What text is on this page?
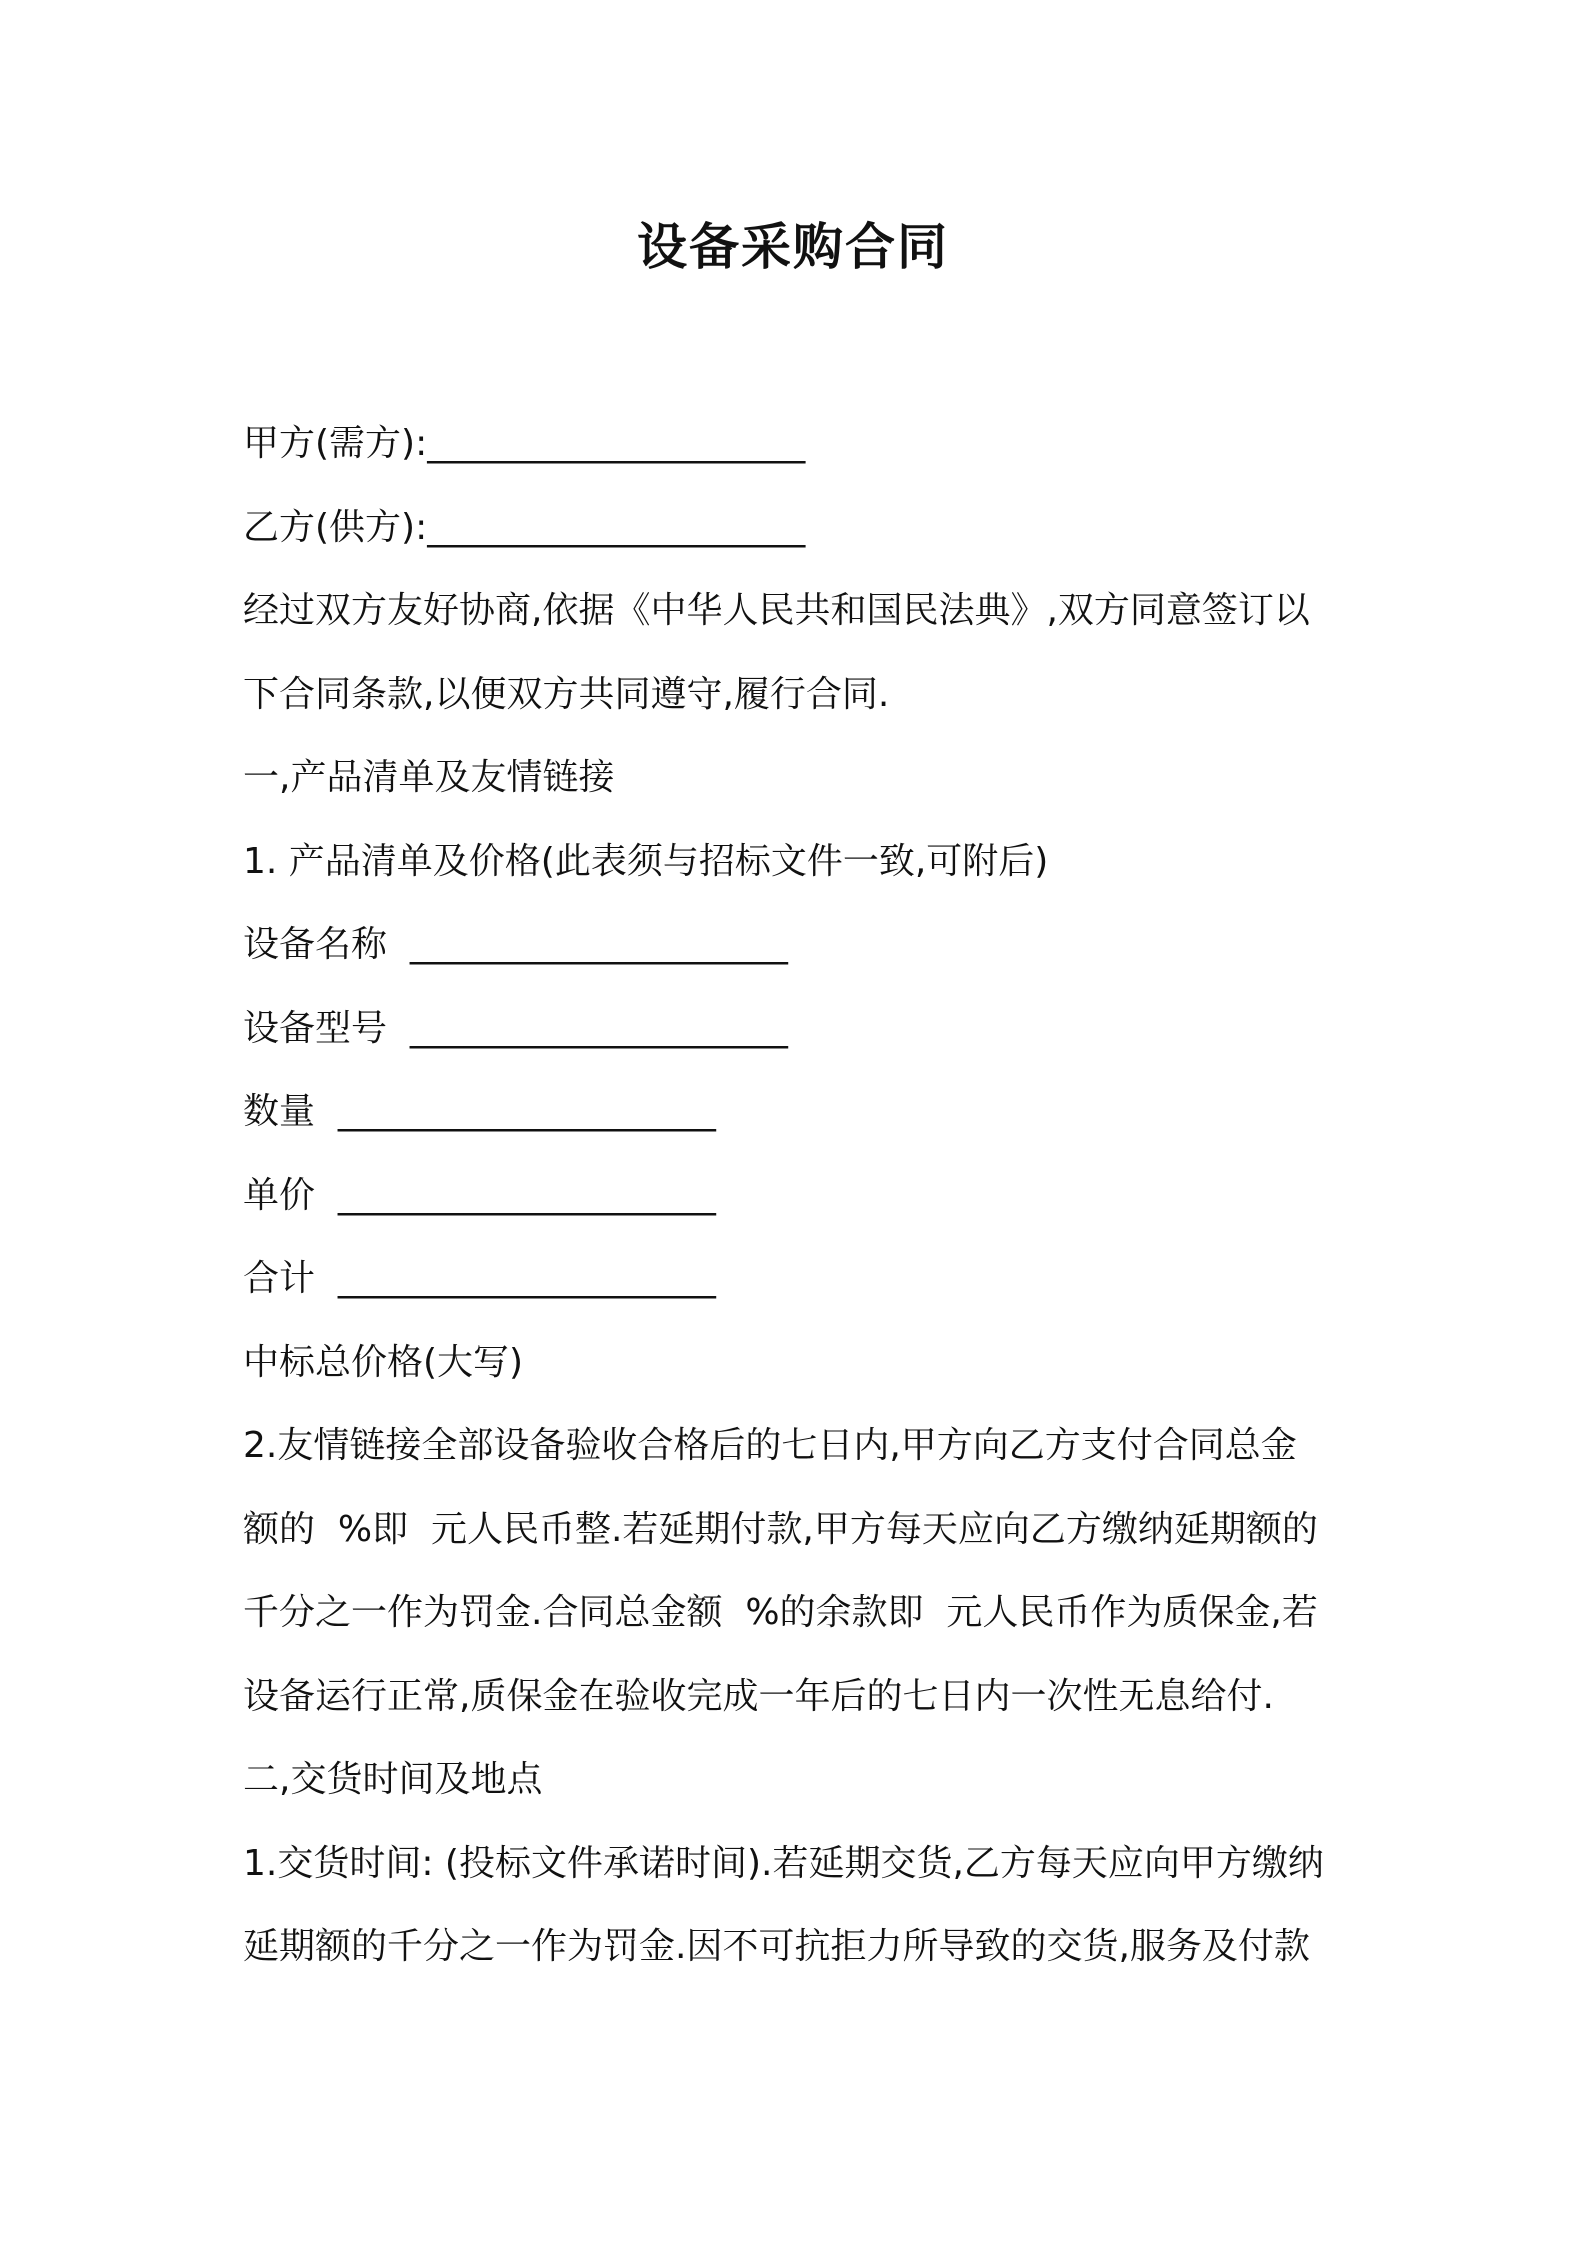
设备采购合同
甲方(需方):_____________________
乙方(供方):_____________________
经过双方友好协商,依据《中华人民共和国民法典》,双方同意签订以
下合同条款,以便双方共同遵守,履行合同.
一,产品清单及友情链接
1. 产品清单及价格(此表须与招标文件一致,可附后)
设备名称  _____________________
设备型号  _____________________
数量  _____________________
单价  _____________________
合计  _____________________
中标总价格(大写)
2.友情链接全部设备验收合格后的七日内,甲方向乙方支付合同总金
额的  %即  元人民币整.若延期付款,甲方每天应向乙方缴纳延期额的
千分之一作为罚金.合同总金额  %的余款即  元人民币作为质保金,若
设备运行正常,质保金在验收完成一年后的七日内一次性无息给付.
二,交货时间及地点
1.交货时间: (投标文件承诺时间).若延期交货,乙方每天应向甲方缴纳
延期额的千分之一作为罚金.因不可抗拒力所导致的交货,服务及付款
